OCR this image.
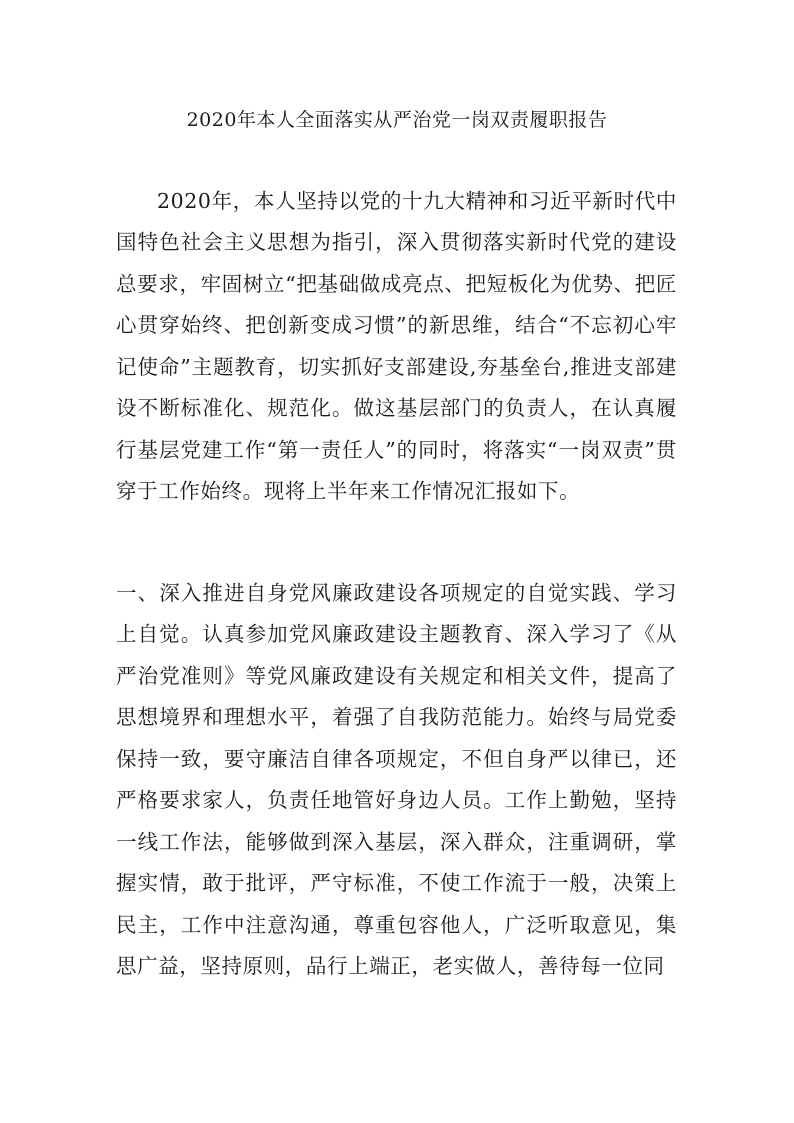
2020年本人全面落实从严治党一岗双责履职报告

2020年，本人坚持以党的十九大精神和习近平新时代中国特色社会主义思想为指引，深入贯彻落实新时代党的建设总要求，牢固树立“把基础做成亮点、把短板化为优势、把匠心贯穿始终、把创新变成习惯”的新思维，结合“不忘初心牢记使命”主题教育，切实抓好支部建设,夯基垒台,推进支部建设不断标准化、规范化。做这基层部门的负责人，在认真履行基层党建工作“第一责任人”的同时，将落实“一岗双责”贯穿于工作始终。现将上半年来工作情况汇报如下。

一、深入推进自身党风廉政建设各项规定的自觉实践、学习上自觉。认真参加党风廉政建设主题教育、深入学习了《从严治党准则》等党风廉政建设有关规定和相关文件，提高了思想境界和理想水平，着强了自我防范能力。始终与局党委保持一致，要守廉洁自律各项规定，不但自身严以律已，还严格要求家人，负责任地管好身边人员。工作上勤勉，坚持一线工作法，能够做到深入基层，深入群众，注重调研，掌握实情，敢于批评，严守标准，不使工作流于一般，决策上民主，工作中注意沟通，尊重包容他人，广泛听取意见，集思广益，坚持原则，品行上端正，老实做人，善待每一位同
